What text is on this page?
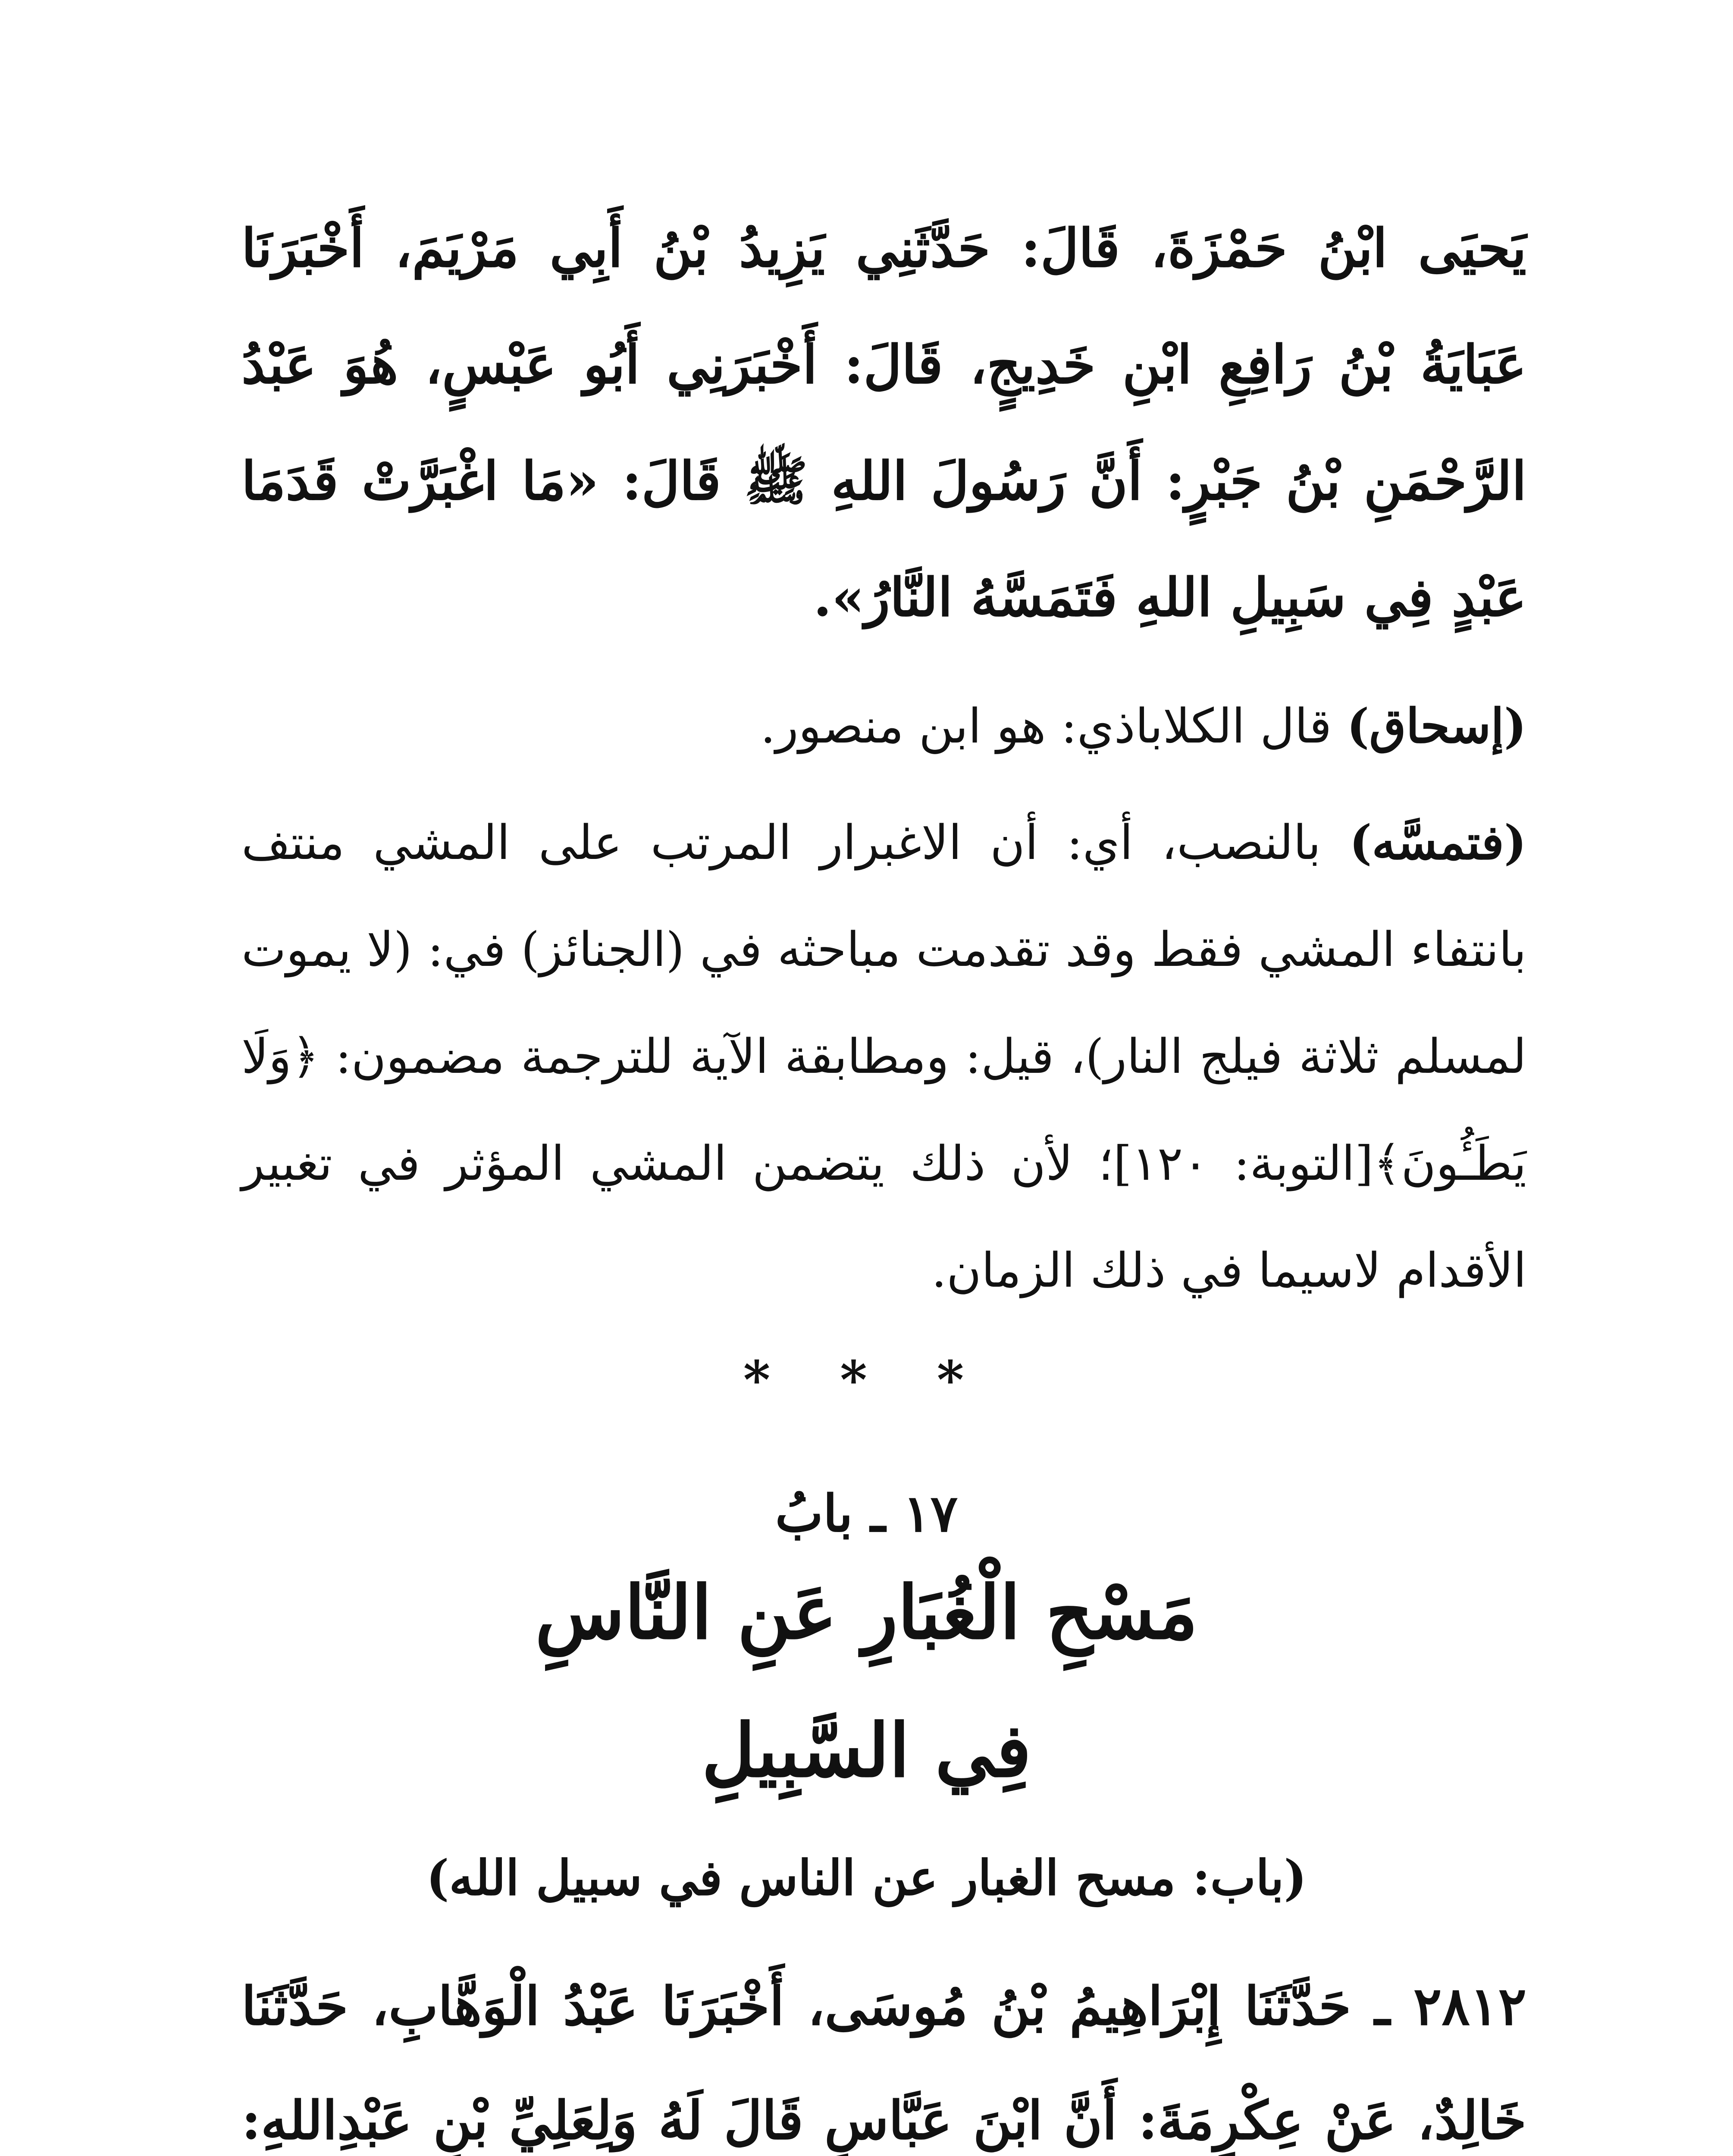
يَحيَى ابْنُ حَمْزَةَ، قَالَ: حَدَّثَنِي يَزِيدُ بْنُ أَبِي مَرْيَمَ، أَخْبَرَنَا عَبَايَةُ بْنُ رَافِعِ ابْنِ خَدِيجٍ، قَالَ: أَخْبَرَنِي أَبُو عَبْسٍ، هُوَ عَبْدُ الرَّحْمَنِ بْنُ جَبْرٍ: أَنَّ رَسُولَ اللهِ ﷺ قَالَ: «مَا اغْبَرَّتْ قَدَمَا عَبْدٍ فِي سَبِيلِ اللهِ فَتَمَسَّهُ النَّارُ».

(إسحاق) قال الكلاباذي: هو ابن منصور.

(فتمسَّه) بالنصب، أي: أن الاغبرار المرتب على المشي منتف بانتفاء المشي فقط وقد تقدمت مباحثه في (الجنائز) في: (لا يموت لمسلم ثلاثة فيلج النار)، قيل: ومطابقة الآية للترجمة مضمون: ﴿وَلَا يَطَـُٔونَ﴾[التوبة: ١٢٠]؛ لأن ذلك يتضمن المشي المؤثر في تغبير الأقدام لاسيما في ذلك الزمان.

* * *

١٧ ـ بابُ

مَسْحِ الْغُبَارِ عَنِ النَّاسِ

فِي السَّبِيلِ

(باب: مسح الغبار عن الناس في سبيل الله)

٢٨١٢ ـ حَدَّثَنَا إِبْرَاهِيمُ بْنُ مُوسَى، أَخْبَرَنَا عَبْدُ الْوَهَّابِ، حَدَّثَنَا خَالِدٌ، عَنْ عِكْرِمَةَ: أَنَّ ابْنَ عَبَّاسٍ قَالَ لَهُ وَلِعَلِيِّ بْنِ عَبْدِاللهِ:
